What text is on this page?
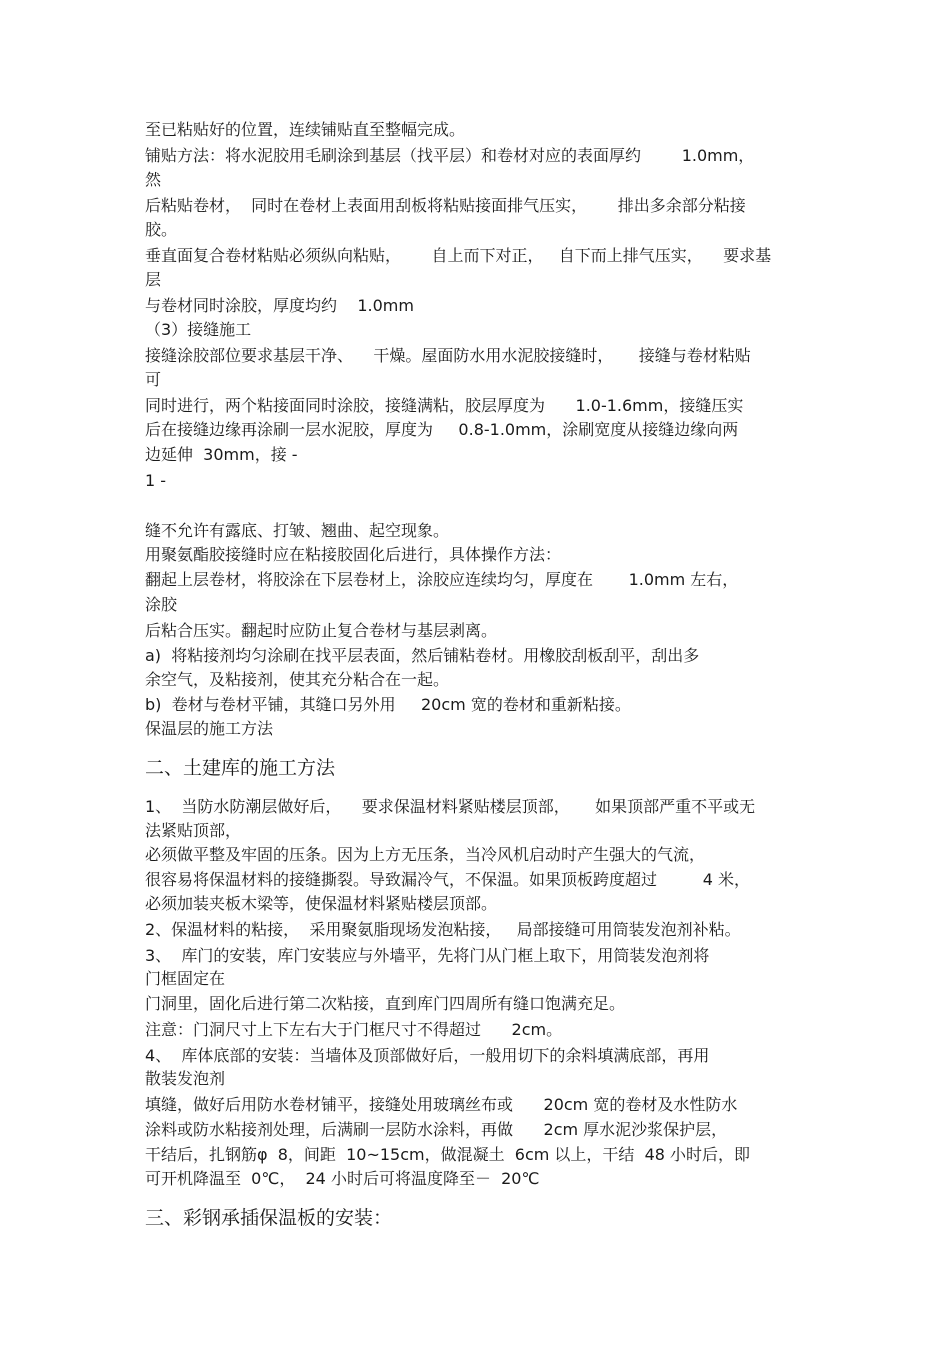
至已粘贴好的位置，连续铺贴直至整幅完成。
铺贴方法：将水泥胶用毛刷涂到基层（找平层）和卷材对应的表面厚约        1.0mm，
然
后粘贴卷材，  同时在卷材上表面用刮板将粘贴接面排气压实，      排出多余部分粘接
胶。
垂直面复合卷材粘贴必须纵向粘贴，      自上而下对正，   自下而上排气压实，    要求基
层
与卷材同时涂胶，厚度均约    1.0mm
（3）接缝施工
接缝涂胶部位要求基层干净、    干燥。屋面防水用水泥胶接缝时，     接缝与卷材粘贴
可
同时进行，两个粘接面同时涂胶，接缝满粘，胶层厚度为      1.0-1.6mm，接缝压实
后在接缝边缘再涂刷一层水泥胶，厚度为     0.8-1.0mm，涂刷宽度从接缝边缘向两
边延伸  30mm，接 -
1 -
缝不允许有露底、打皱、翘曲、起空现象。
用聚氨酯胶接缝时应在粘接胶固化后进行，具体操作方法：
翻起上层卷材，将胶涂在下层卷材上，涂胶应连续均匀，厚度在       1.0mm 左右，
涂胶
后粘合压实。翻起时应防止复合卷材与基层剥离。
a)  将粘接剂均匀涂刷在找平层表面，然后铺粘卷材。用橡胶刮板刮平，刮出多
余空气，及粘接剂，使其充分粘合在一起。
b)  卷材与卷材平铺，其缝口另外用     20cm 宽的卷材和重新粘接。
保温层的施工方法
二、土建库的施工方法
1、  当防水防潮层做好后，    要求保温材料紧贴楼层顶部，     如果顶部严重不平或无
法紧贴顶部，
必须做平整及牢固的压条。因为上方无压条，当冷风机启动时产生强大的气流，
很容易将保温材料的接缝撕裂。导致漏冷气，不保温。如果顶板跨度超过         4 米，
必须加装夹板木梁等，使保温材料紧贴楼层顶部。
2、保温材料的粘接，  采用聚氨脂现场发泡粘接，   局部接缝可用筒装发泡剂补粘。
3、  库门的安装，库门安装应与外墙平，先将门从门框上取下，用筒装发泡剂将
门框固定在
门洞里，固化后进行第二次粘接，直到库门四周所有缝口饱满充足。
注意：门洞尺寸上下左右大于门框尺寸不得超过      2cm。
4、  库体底部的安装：当墙体及顶部做好后，一般用切下的余料填满底部，再用
散装发泡剂
填缝，做好后用防水卷材铺平，接缝处用玻璃丝布或      20cm 宽的卷材及水性防水
涂料或防水粘接剂处理，后满刷一层防水涂料，再做      2cm 厚水泥沙浆保护层，
干结后，扎钢筋φ  8，间距  10~15cm，做混凝土  6cm 以上，干结  48 小时后，即
可开机降温至  0℃，  24 小时后可将温度降至－  20℃
三、彩钢承插保温板的安装：
